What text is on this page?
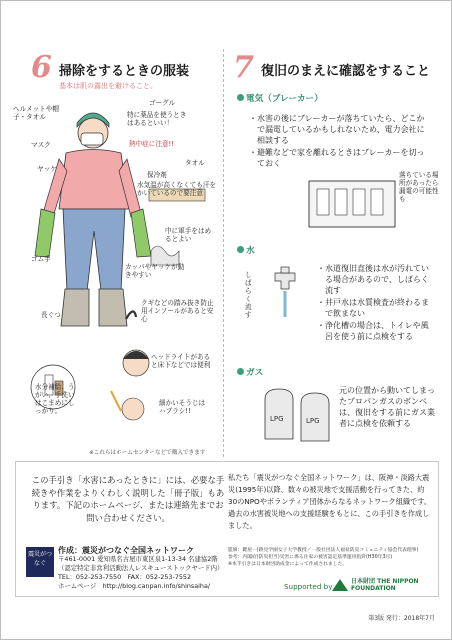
6 掃除をするときの服装
基本は肌の露出を避けること。
ヘルメットや帽子・タオル
ゴーグル
特に薬品を使うときはあるといい！
マスク	熱中症に注意!!
タオル
ヤッケ
保冷剤
水気温が高くなくても汗をかいているので要注意
中に軍手をはめるとよい
ゴム手
カッパやヤッケが動きやすい
長ぐつ
クギなどの踏み抜き防止用インソールがあると安心
ヘッドライトがあると床下などでは便利
水分補給、うがい、手洗いはこまめにしっかり。
細かいそうじはハブラシ!!
※これらはホームセンターなどで購入できます
7 復旧のまえに確認をすること
電気（ブレーカー）
・ 水害の後にブレーカーが落ちていたら、どこかで漏電しているかもしれないため、電力会社に相談する
・ 避難などで家を離れるときはブレーカーを切っておく
落ちている場所があったら漏電の可能性も
水
しばらく流す
・ 水道復旧直後は水が汚れている場合があるので、しばらく流す
・ 井戸水は水質検査が終わるまで飲まない
・ 浄化槽の場合は、トイレや風呂を使う前に点検をする
ガス
LPG	LPG
元の位置から動いてしまったプロパンガスのボンベは、復旧をする前にガス業者に点検を依頼する
この手引き「水害にあったときに」には、必要な手続きや作業をよりくわしく説明した「冊子版」もあります。下記のホームページ、または連絡先までお問い合わせください。
震災がつなぐ
作成：震災がつなぐ全国ネットワーク
〒461-0001 愛知県名古屋市東区泉1-13-34 名建協2階
（認定特定非営利活動法人レスキューストックヤード内）
TEL：052-253-7550　FAX：052-253-7552
ホームページ　http://blog.canpan.info/shinsaiha/
私たち「震災がつなぐ全国ネットワーク」は、阪神・淡路大震災(1995年)以降、数々の被災地で支援活動を行ってきた、約30のNPOやボランティア団体からなるネットワーク組織です。過去の水害被災地への支援経験をもとに、この手引きを作成しました。
監修：鍵屋一(跡見学園女子大学教授／一般社団法人福祉防災コミュニティ協会代表理事)
参考：内閣府(防災担当)災害に係る住家の被害認定基準運用指針(H30年3月)
※本手引きは日本財団助成金によって作成されました。
Supported by
日本財団 THE NIPPON
FOUNDATION
第3版 発行：2018年7月
